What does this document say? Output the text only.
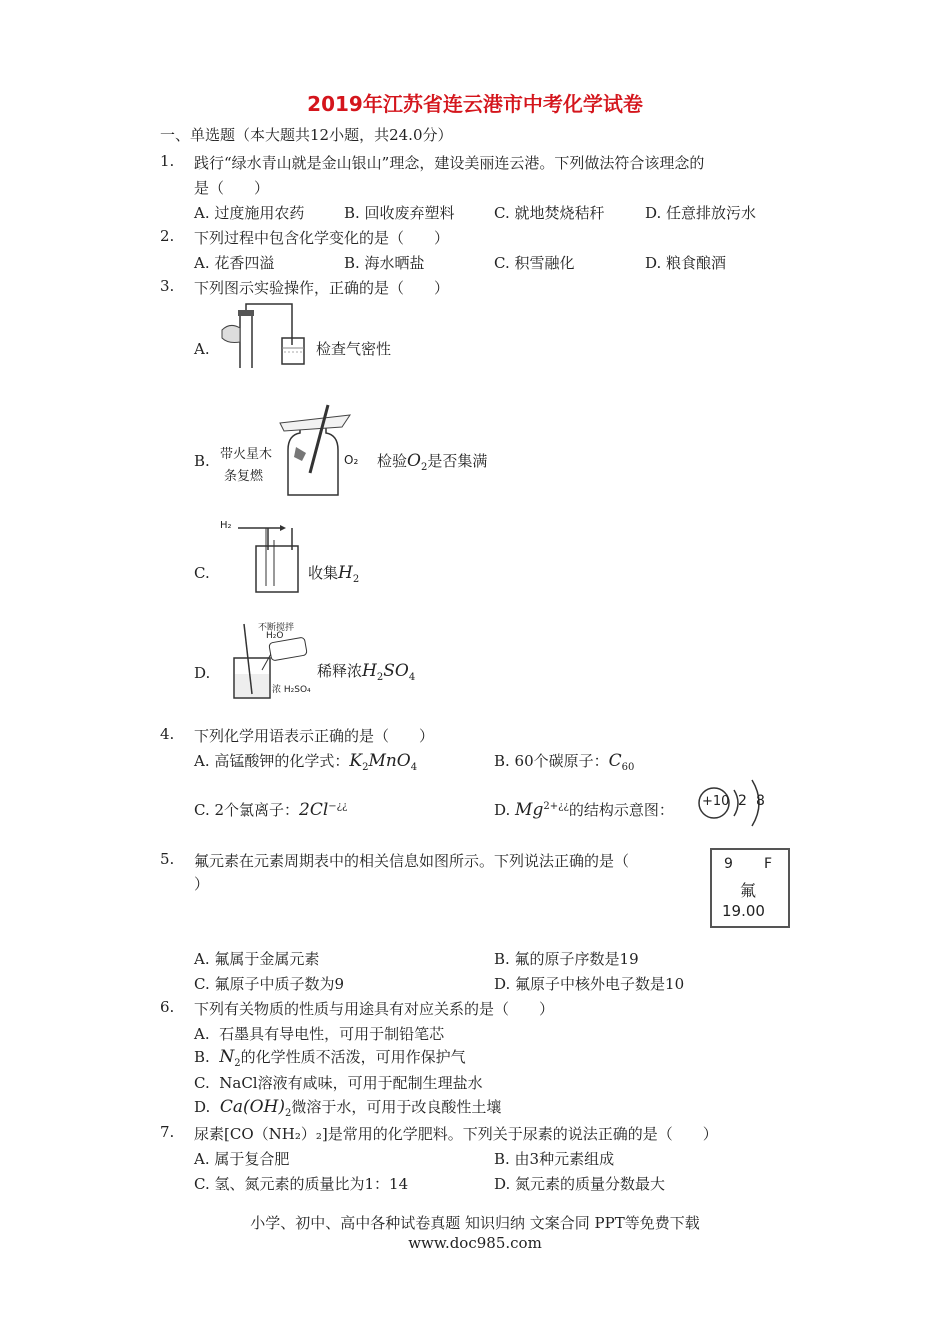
2019年江苏省连云港市中考化学试卷
一、单选题（本大题共12小题，共24.0分）
1. 践行“绿水青山就是金山银山”理念，建设美丽连云港。下列做法符合该理念的
是（　　）
A. 过度施用农药	B. 回收废弃塑料	C. 就地焚烧秸秆	D. 任意排放污水
2. 下列过程中包含化学变化的是（　　）
A. 花香四溢	B. 海水晒盐	C. 积雪融化	D. 粮食酿酒
3. 下列图示实验操作，正确的是（　　）
A.	检查气密性
B. 带火星木
条复燃
O₂ 检验$O_2$是否集满
C.
H₂
收集$H_2$
D.
不断搅拌
H₂O
浓 H₂SO₄
稀释浓$H_2SO_4$
4. 下列化学用语表示正确的是（　　）
A. 高锰酸钾的化学式：$K_2MnO_4$	B. 60个碳原子：$C_{60}$
C. 2个氯离子：2Cl−¿¿	D. $Mg^{2+¿¿}$的结构示意图： +10 2 8
5. 氟元素在元素周期表中的相关信息如图所示。下列说法正确的是（
）
9 F
氟
19.00
A. 氟属于金属元素	B. 氟的原子序数是19
C. 氟原子中质子数为9	D. 氟原子中核外电子数是10
6. 下列有关物质的性质与用途具有对应关系的是（　　）
A. 石墨具有导电性，可用于制铅笔芯
B. $N_2$的化学性质不活泼，可用作保护气
C. NaCl溶液有咸味，可用于配制生理盐水
D. $Ca(OH)_2$微溶于水，可用于改良酸性土壤
7. 尿素[CO（NH₂）₂]是常用的化学肥料。下列关于尿素的说法正确的是（　　）
A. 属于复合肥	B. 由3种元素组成
C. 氢、氮元素的质量比为1：14	D. 氮元素的质量分数最大
小学、初中、高中各种试卷真题 知识归纳 文案合同 PPT等免费下载
www.doc985.com
